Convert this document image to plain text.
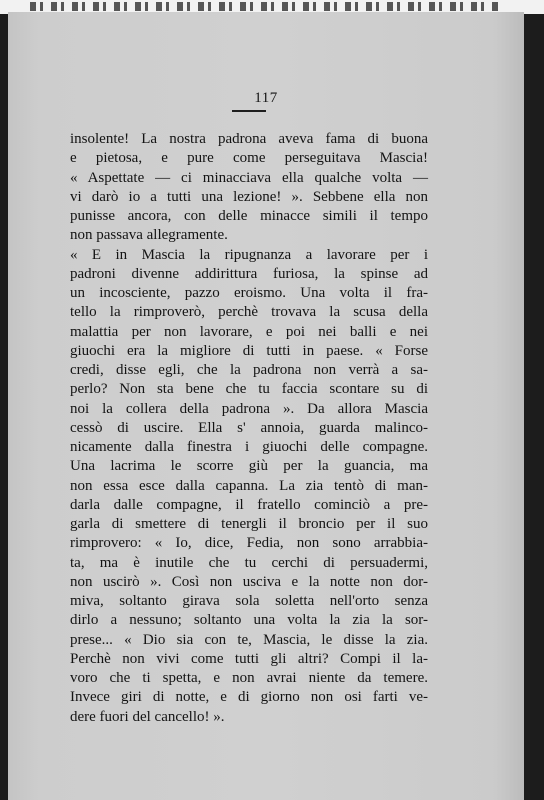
117
insolente! La nostra padrona aveva fama di buona
e pietosa, e pure come perseguitava Mascia!
« Aspettate — ci minacciava ella qualche volta —
vi darò io a tutti una lezione! ». Sebbene ella non
punisse ancora, con delle minacce simili il tempo
non passava allegramente.
« E in Mascia la ripugnanza a lavorare per i
padroni divenne addirittura furiosa, la spinse ad
un incosciente, pazzo eroismo. Una volta il fra-
tello la rimproverò, perchè trovava la scusa della
malattia per non lavorare, e poi nei balli e nei
giuochi era la migliore di tutti in paese. « Forse
credi, disse egli, che la padrona non verrà a sa-
perlo? Non sta bene che tu faccia scontare su di
noi la collera della padrona ». Da allora Mascia
cessò di uscire. Ella s' annoia, guarda malinco-
nicamente dalla finestra i giuochi delle compagne.
Una lacrima le scorre giù per la guancia, ma
non essa esce dalla capanna. La zia tentò di man-
darla dalle compagne, il fratello cominciò a pre-
garla di smettere di tenergli il broncio per il suo
rimprovero: « Io, dice, Fedia, non sono arrabbia-
ta, ma è inutile che tu cerchi di persuadermi,
non uscirò ». Così non usciva e la notte non dor-
miva, soltanto girava sola soletta nell'orto senza
dirlo a nessuno; soltanto una volta la zia la sor-
prese... « Dio sia con te, Mascia, le disse la zia.
Perchè non vivi come tutti gli altri? Compi il la-
voro che ti spetta, e non avrai niente da temere.
Invece giri di notte, e di giorno non osi farti ve-
dere fuori del cancello! ».
